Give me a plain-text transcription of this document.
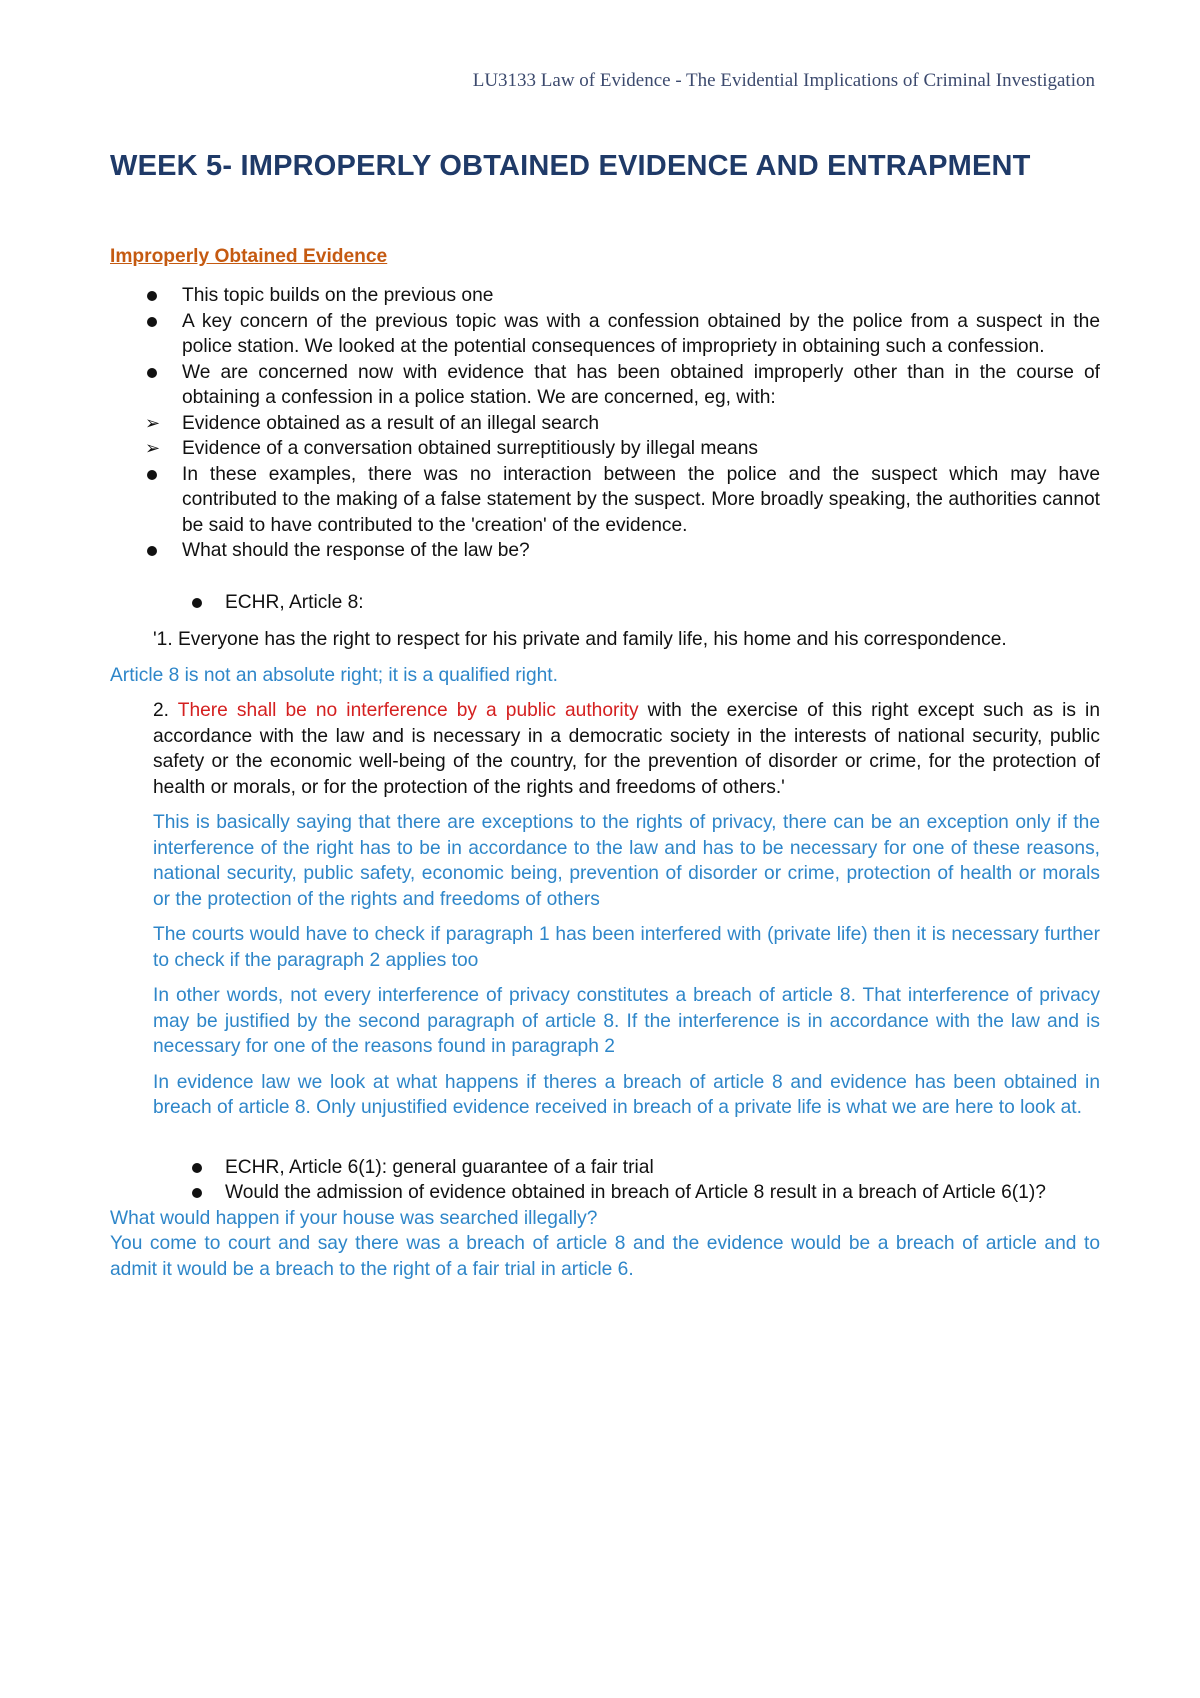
LU3133 Law of Evidence - The Evidential Implications of Criminal Investigation
WEEK 5- IMPROPERLY OBTAINED EVIDENCE AND ENTRAPMENT
Improperly Obtained Evidence
This topic builds on the previous one
A key concern of the previous topic was with a confession obtained by the police from a suspect in the police station. We looked at the potential consequences of impropriety in obtaining such a confession.
We are concerned now with evidence that has been obtained improperly other than in the course of obtaining a confession in a police station. We are concerned, eg, with:
➢ Evidence obtained as a result of an illegal search
➢ Evidence of a conversation obtained surreptitiously by illegal means
In these examples, there was no interaction between the police and the suspect which may have contributed to the making of a false statement by the suspect. More broadly speaking, the authorities cannot be said to have contributed to the 'creation' of the evidence.
What should the response of the law be?
ECHR, Article 8:
'1. Everyone has the right to respect for his private and family life, his home and his correspondence.
Article 8 is not an absolute right; it is a qualified right.
2. There shall be no interference by a public authority with the exercise of this right except such as is in accordance with the law and is necessary in a democratic society in the interests of national security, public safety or the economic well-being of the country, for the prevention of disorder or crime, for the protection of health or morals, or for the protection of the rights and freedoms of others.'
This is basically saying that there are exceptions to the rights of privacy, there can be an exception only if the interference of the right has to be in accordance to the law and has to be necessary for one of these reasons, national security, public safety, economic being, prevention of disorder or crime, protection of health or morals or the protection of the rights and freedoms of others
The courts would have to check if paragraph 1 has been interfered with (private life) then it is necessary further to check if the paragraph 2 applies too
In other words, not every interference of privacy constitutes a breach of article 8. That interference of privacy may be justified by the second paragraph of article 8. If the interference is in accordance with the law and is necessary for one of the reasons found in paragraph 2
In evidence law we look at what happens if theres a breach of article 8 and evidence has been obtained in breach of article 8. Only unjustified evidence received in breach of a private life is what we are here to look at.
ECHR, Article 6(1): general guarantee of a fair trial
Would the admission of evidence obtained in breach of Article 8 result in a breach of Article 6(1)?
What would happen if your house was searched illegally?
You come to court and say there was a breach of article 8 and the evidence would be a breach of article and to admit it would be a breach to the right of a fair trial in article 6.
